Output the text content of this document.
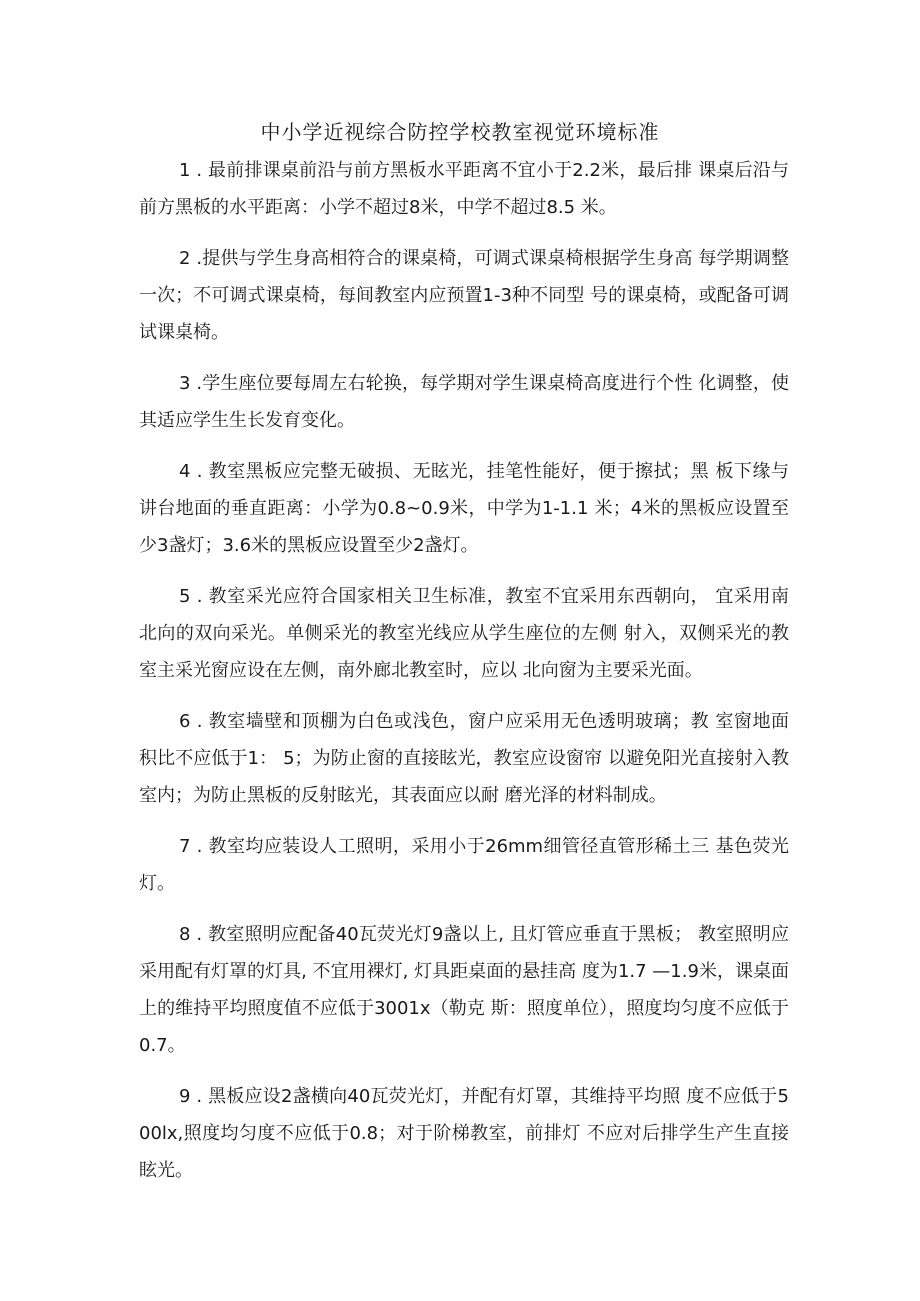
中小学近视综合防控学校教室视觉环境标准

1 . 最前排课桌前沿与前方黑板水平距离不宜小于2.2米，最后排 课桌后沿与前方黑板的水平距离：小学不超过8米，中学不超过8.5 米。

2 .提供与学生身高相符合的课桌椅，可调式课桌椅根据学生身高 每学期调整一次；不可调式课桌椅，每间教室内应预置1-3种不同型 号的课桌椅，或配备可调试课桌椅。

3 .学生座位要每周左右轮换，每学期对学生课桌椅高度进行个性 化调整，使其适应学生生长发育变化。

4 . 教室黑板应完整无破损、无眩光，挂笔性能好，便于擦拭；黑 板下缘与讲台地面的垂直距离：小学为0.8~0.9米，中学为1-1.1 米；4米的黑板应设置至少3盏灯；3.6米的黑板应设置至少2盏灯。

5 . 教室采光应符合国家相关卫生标准，教室不宜采用东西朝向， 宜采用南北向的双向采光。单侧采光的教室光线应从学生座位的左侧 射入，双侧采光的教室主采光窗应设在左侧，南外廊北教室时，应以 北向窗为主要采光面。

6 . 教室墙壁和顶棚为白色或浅色，窗户应采用无色透明玻璃；教 室窗地面积比不应低于1： 5；为防止窗的直接眩光，教室应设窗帘 以避免阳光直接射入教室内；为防止黑板的反射眩光，其表面应以耐 磨光泽的材料制成。

7 . 教室均应装设人工照明，采用小于26mm细管径直管形稀土三 基色荧光灯。

8 . 教室照明应配备40瓦荧光灯9盏以上, 且灯管应垂直于黑板； 教室照明应采用配有灯罩的灯具, 不宜用裸灯, 灯具距桌面的悬挂高 度为1.7 —1.9米，课桌面上的维持平均照度值不应低于3001x（勒克 斯：照度单位），照度均匀度不应低于0.7。

9 . 黑板应设2盏横向40瓦荧光灯，并配有灯罩，其维持平均照 度不应低于500lx,照度均匀度不应低于0.8；对于阶梯教室，前排灯 不应对后排学生产生直接眩光。
